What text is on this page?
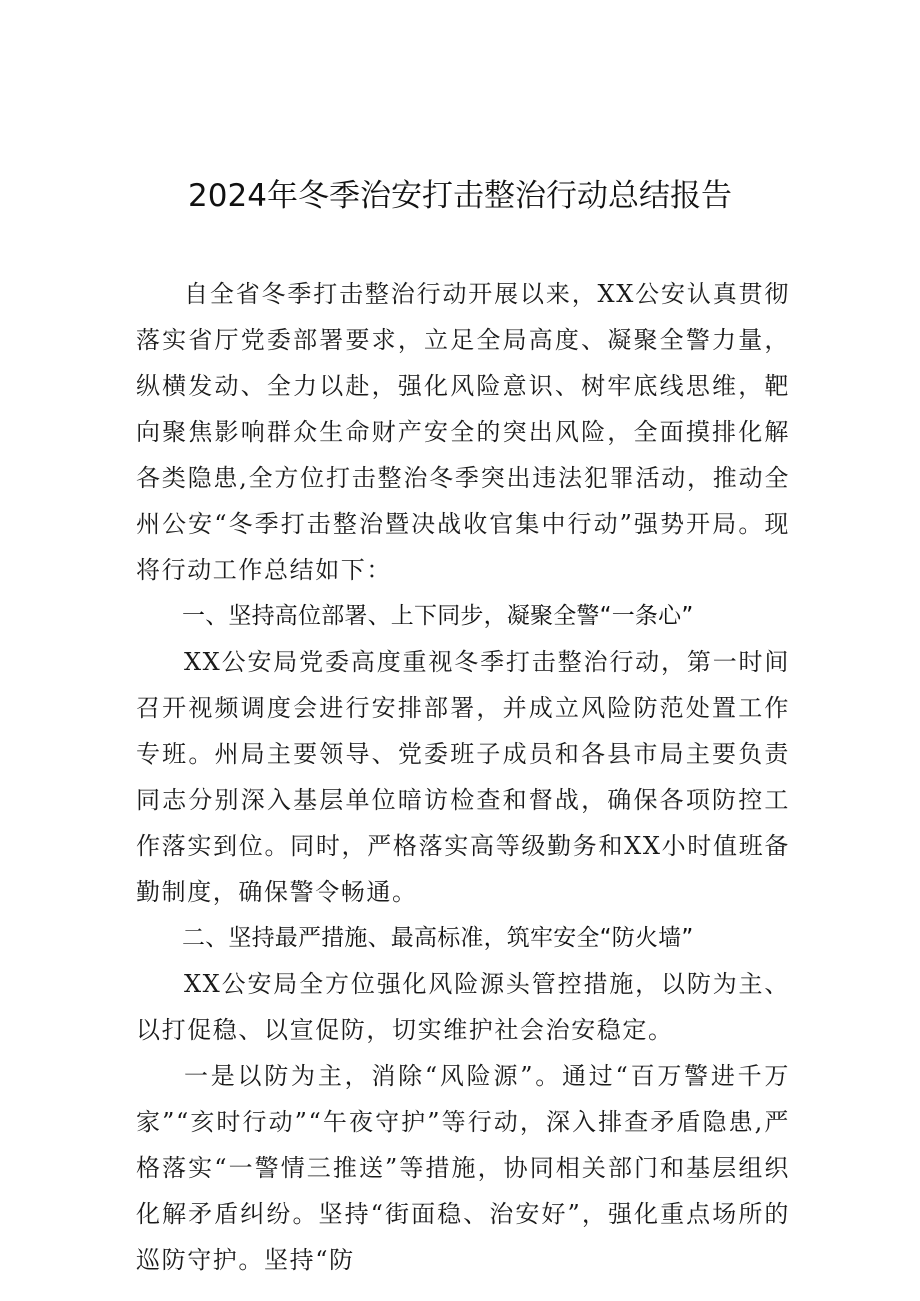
2024年冬季治安打击整治行动总结报告

自全省冬季打击整治行动开展以来，XX公安认真贯彻落实省厅党委部署要求，立足全局高度、凝聚全警力量，纵横发动、全力以赴，强化风险意识、树牢底线思维，靶向聚焦影响群众生命财产安全的突出风险，全面摸排化解各类隐患,全方位打击整治冬季突出违法犯罪活动，推动全州公安“冬季打击整治暨决战收官集中行动”强势开局。现将行动工作总结如下：

一、坚持高位部署、上下同步，凝聚全警“一条心”

XX公安局党委高度重视冬季打击整治行动，第一时间召开视频调度会进行安排部署，并成立风险防范处置工作专班。州局主要领导、党委班子成员和各县市局主要负责同志分别深入基层单位暗访检查和督战，确保各项防控工作落实到位。同时，严格落实高等级勤务和XX小时值班备勤制度，确保警令畅通。

二、坚持最严措施、最高标准，筑牢安全“防火墙”

XX公安局全方位强化风险源头管控措施，以防为主、以打促稳、以宣促防，切实维护社会治安稳定。

一是以防为主，消除“风险源”。通过“百万警进千万家”“亥时行动”“午夜守护”等行动，深入排查矛盾隐患,严格落实“一警情三推送”等措施，协同相关部门和基层组织化解矛盾纠纷。坚持“街面稳、治安好”，强化重点场所的巡防守护。坚持“防
